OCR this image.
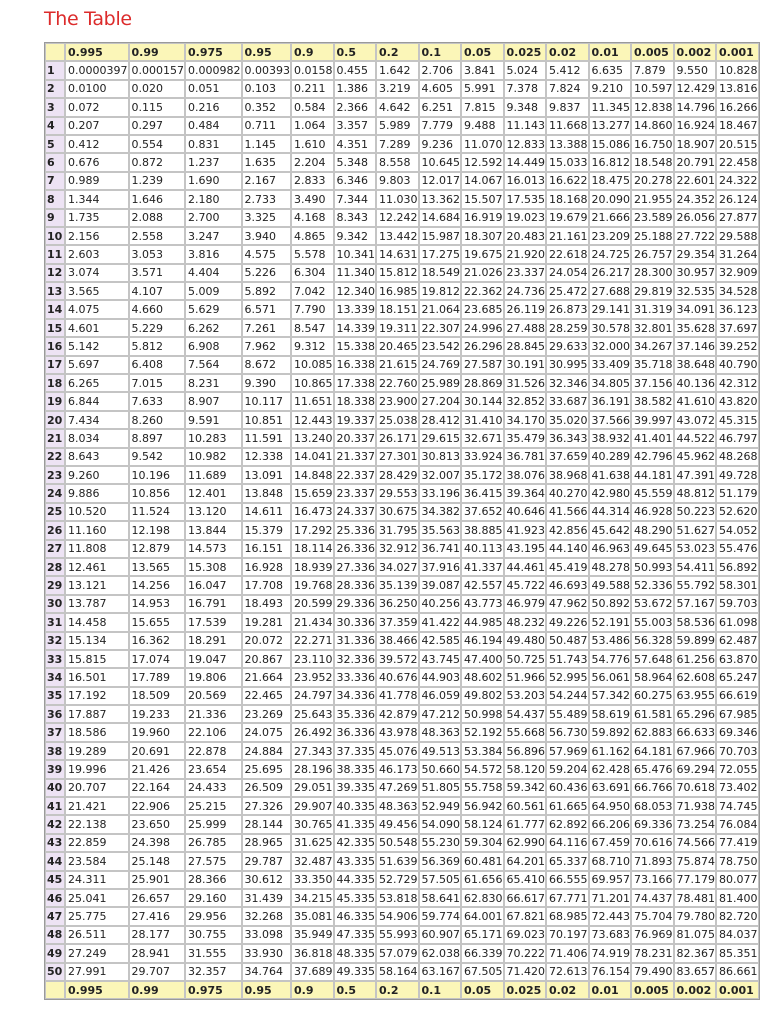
The Table
	0.995	0.99	0.975	0.95	0.9	0.5	0.2	0.1	0.05	0.025	0.02	0.01	0.005	0.002	0.001
1	0.0000397	0.000157	0.000982	0.00393	0.0158	0.455	1.642	2.706	3.841	5.024	5.412	6.635	7.879	9.550	10.828
2	0.0100	0.020	0.051	0.103	0.211	1.386	3.219	4.605	5.991	7.378	7.824	9.210	10.597	12.429	13.816
3	0.072	0.115	0.216	0.352	0.584	2.366	4.642	6.251	7.815	9.348	9.837	11.345	12.838	14.796	16.266
4	0.207	0.297	0.484	0.711	1.064	3.357	5.989	7.779	9.488	11.143	11.668	13.277	14.860	16.924	18.467
5	0.412	0.554	0.831	1.145	1.610	4.351	7.289	9.236	11.070	12.833	13.388	15.086	16.750	18.907	20.515
6	0.676	0.872	1.237	1.635	2.204	5.348	8.558	10.645	12.592	14.449	15.033	16.812	18.548	20.791	22.458
7	0.989	1.239	1.690	2.167	2.833	6.346	9.803	12.017	14.067	16.013	16.622	18.475	20.278	22.601	24.322
8	1.344	1.646	2.180	2.733	3.490	7.344	11.030	13.362	15.507	17.535	18.168	20.090	21.955	24.352	26.124
9	1.735	2.088	2.700	3.325	4.168	8.343	12.242	14.684	16.919	19.023	19.679	21.666	23.589	26.056	27.877
10	2.156	2.558	3.247	3.940	4.865	9.342	13.442	15.987	18.307	20.483	21.161	23.209	25.188	27.722	29.588
11	2.603	3.053	3.816	4.575	5.578	10.341	14.631	17.275	19.675	21.920	22.618	24.725	26.757	29.354	31.264
12	3.074	3.571	4.404	5.226	6.304	11.340	15.812	18.549	21.026	23.337	24.054	26.217	28.300	30.957	32.909
13	3.565	4.107	5.009	5.892	7.042	12.340	16.985	19.812	22.362	24.736	25.472	27.688	29.819	32.535	34.528
14	4.075	4.660	5.629	6.571	7.790	13.339	18.151	21.064	23.685	26.119	26.873	29.141	31.319	34.091	36.123
15	4.601	5.229	6.262	7.261	8.547	14.339	19.311	22.307	24.996	27.488	28.259	30.578	32.801	35.628	37.697
16	5.142	5.812	6.908	7.962	9.312	15.338	20.465	23.542	26.296	28.845	29.633	32.000	34.267	37.146	39.252
17	5.697	6.408	7.564	8.672	10.085	16.338	21.615	24.769	27.587	30.191	30.995	33.409	35.718	38.648	40.790
18	6.265	7.015	8.231	9.390	10.865	17.338	22.760	25.989	28.869	31.526	32.346	34.805	37.156	40.136	42.312
19	6.844	7.633	8.907	10.117	11.651	18.338	23.900	27.204	30.144	32.852	33.687	36.191	38.582	41.610	43.820
20	7.434	8.260	9.591	10.851	12.443	19.337	25.038	28.412	31.410	34.170	35.020	37.566	39.997	43.072	45.315
21	8.034	8.897	10.283	11.591	13.240	20.337	26.171	29.615	32.671	35.479	36.343	38.932	41.401	44.522	46.797
22	8.643	9.542	10.982	12.338	14.041	21.337	27.301	30.813	33.924	36.781	37.659	40.289	42.796	45.962	48.268
23	9.260	10.196	11.689	13.091	14.848	22.337	28.429	32.007	35.172	38.076	38.968	41.638	44.181	47.391	49.728
24	9.886	10.856	12.401	13.848	15.659	23.337	29.553	33.196	36.415	39.364	40.270	42.980	45.559	48.812	51.179
25	10.520	11.524	13.120	14.611	16.473	24.337	30.675	34.382	37.652	40.646	41.566	44.314	46.928	50.223	52.620
26	11.160	12.198	13.844	15.379	17.292	25.336	31.795	35.563	38.885	41.923	42.856	45.642	48.290	51.627	54.052
27	11.808	12.879	14.573	16.151	18.114	26.336	32.912	36.741	40.113	43.195	44.140	46.963	49.645	53.023	55.476
28	12.461	13.565	15.308	16.928	18.939	27.336	34.027	37.916	41.337	44.461	45.419	48.278	50.993	54.411	56.892
29	13.121	14.256	16.047	17.708	19.768	28.336	35.139	39.087	42.557	45.722	46.693	49.588	52.336	55.792	58.301
30	13.787	14.953	16.791	18.493	20.599	29.336	36.250	40.256	43.773	46.979	47.962	50.892	53.672	57.167	59.703
31	14.458	15.655	17.539	19.281	21.434	30.336	37.359	41.422	44.985	48.232	49.226	52.191	55.003	58.536	61.098
32	15.134	16.362	18.291	20.072	22.271	31.336	38.466	42.585	46.194	49.480	50.487	53.486	56.328	59.899	62.487
33	15.815	17.074	19.047	20.867	23.110	32.336	39.572	43.745	47.400	50.725	51.743	54.776	57.648	61.256	63.870
34	16.501	17.789	19.806	21.664	23.952	33.336	40.676	44.903	48.602	51.966	52.995	56.061	58.964	62.608	65.247
35	17.192	18.509	20.569	22.465	24.797	34.336	41.778	46.059	49.802	53.203	54.244	57.342	60.275	63.955	66.619
36	17.887	19.233	21.336	23.269	25.643	35.336	42.879	47.212	50.998	54.437	55.489	58.619	61.581	65.296	67.985
37	18.586	19.960	22.106	24.075	26.492	36.336	43.978	48.363	52.192	55.668	56.730	59.892	62.883	66.633	69.346
38	19.289	20.691	22.878	24.884	27.343	37.335	45.076	49.513	53.384	56.896	57.969	61.162	64.181	67.966	70.703
39	19.996	21.426	23.654	25.695	28.196	38.335	46.173	50.660	54.572	58.120	59.204	62.428	65.476	69.294	72.055
40	20.707	22.164	24.433	26.509	29.051	39.335	47.269	51.805	55.758	59.342	60.436	63.691	66.766	70.618	73.402
41	21.421	22.906	25.215	27.326	29.907	40.335	48.363	52.949	56.942	60.561	61.665	64.950	68.053	71.938	74.745
42	22.138	23.650	25.999	28.144	30.765	41.335	49.456	54.090	58.124	61.777	62.892	66.206	69.336	73.254	76.084
43	22.859	24.398	26.785	28.965	31.625	42.335	50.548	55.230	59.304	62.990	64.116	67.459	70.616	74.566	77.419
44	23.584	25.148	27.575	29.787	32.487	43.335	51.639	56.369	60.481	64.201	65.337	68.710	71.893	75.874	78.750
45	24.311	25.901	28.366	30.612	33.350	44.335	52.729	57.505	61.656	65.410	66.555	69.957	73.166	77.179	80.077
46	25.041	26.657	29.160	31.439	34.215	45.335	53.818	58.641	62.830	66.617	67.771	71.201	74.437	78.481	81.400
47	25.775	27.416	29.956	32.268	35.081	46.335	54.906	59.774	64.001	67.821	68.985	72.443	75.704	79.780	82.720
48	26.511	28.177	30.755	33.098	35.949	47.335	55.993	60.907	65.171	69.023	70.197	73.683	76.969	81.075	84.037
49	27.249	28.941	31.555	33.930	36.818	48.335	57.079	62.038	66.339	70.222	71.406	74.919	78.231	82.367	85.351
50	27.991	29.707	32.357	34.764	37.689	49.335	58.164	63.167	67.505	71.420	72.613	76.154	79.490	83.657	86.661
	0.995	0.99	0.975	0.95	0.9	0.5	0.2	0.1	0.05	0.025	0.02	0.01	0.005	0.002	0.001
